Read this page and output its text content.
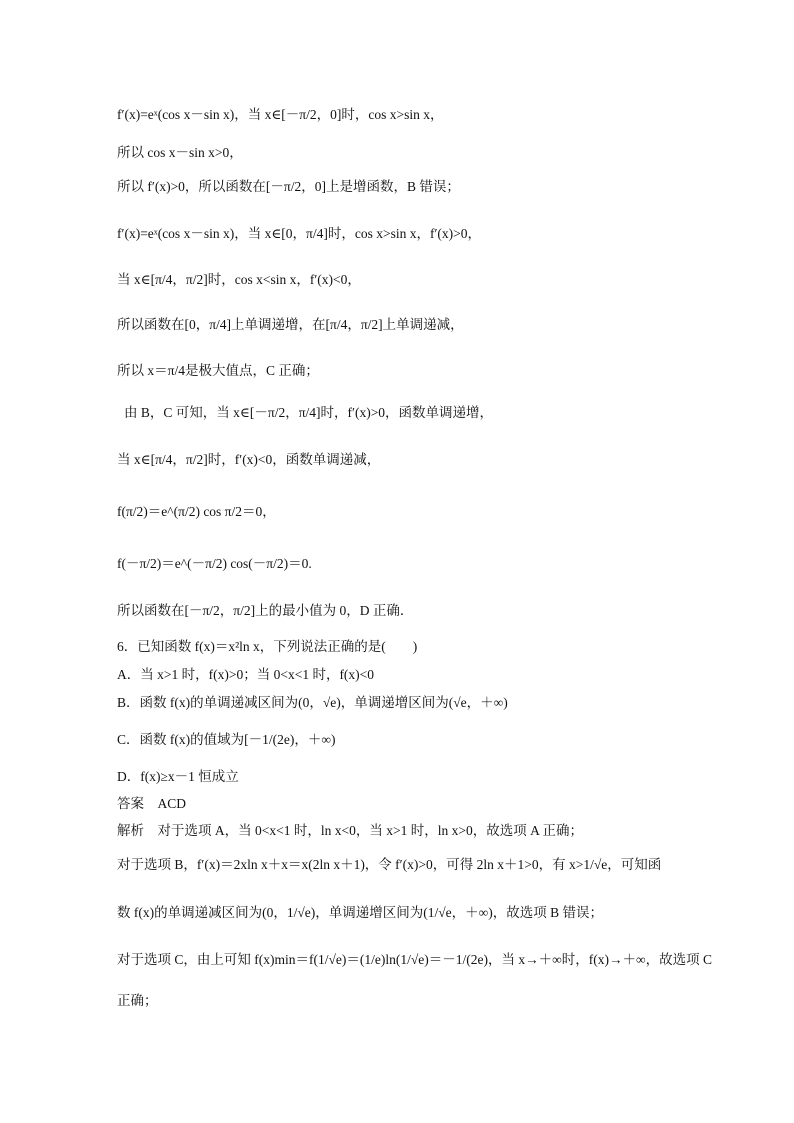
f′(x)=eˣ(cos x－sin x)，当 x∈[－π/2，0]时，cos x>sin x，
所以 cos x－sin x>0，
所以 f′(x)>0，所以函数在[－π/2，0]上是增函数，B 错误；
f′(x)=eˣ(cos x－sin x)，当 x∈[0，π/4]时，cos x>sin x，f′(x)>0，
当 x∈[π/4，π/2]时，cos x<sin x，f′(x)<0，
所以函数在[0，π/4]上单调递增，在[π/4，π/2]上单调递减，
所以 x＝π/4是极大值点，C 正确；
由 B，C 可知，当 x∈[－π/2，π/4]时，f′(x)>0，函数单调递增，
当 x∈[π/4，π/2]时，f′(x)<0，函数单调递减，
f(π/2)＝e^(π/2) cos π/2＝0，
f(－π/2)＝e^(－π/2) cos(－π/2)＝0.
所以函数在[－π/2，π/2]上的最小值为 0，D 正确．
6．已知函数 f(x)＝x²ln x，下列说法正确的是(　　)
A．当 x>1 时，f(x)>0；当 0<x<1 时，f(x)<0
B．函数 f(x)的单调递减区间为(0，√e)，单调递增区间为(√e，＋∞)
C．函数 f(x)的值域为[－1/(2e)，＋∞)
D．f(x)≥x－1 恒成立
答案　ACD
解析　对于选项 A，当 0<x<1 时，ln x<0，当 x>1 时，ln x>0，故选项 A 正确；
对于选项 B，f′(x)＝2xln x＋x＝x(2ln x＋1)，令 f′(x)>0，可得 2ln x＋1>0，有 x>1/√e，可知函
数 f(x)的单调递减区间为(0，1/√e)，单调递增区间为(1/√e，＋∞)，故选项 B 错误；
对于选项 C，由上可知 f(x)min＝f(1/√e)＝(1/e)ln(1/√e)＝－1/(2e)，当 x→＋∞时，f(x)→＋∞，故选项 C
正确；
